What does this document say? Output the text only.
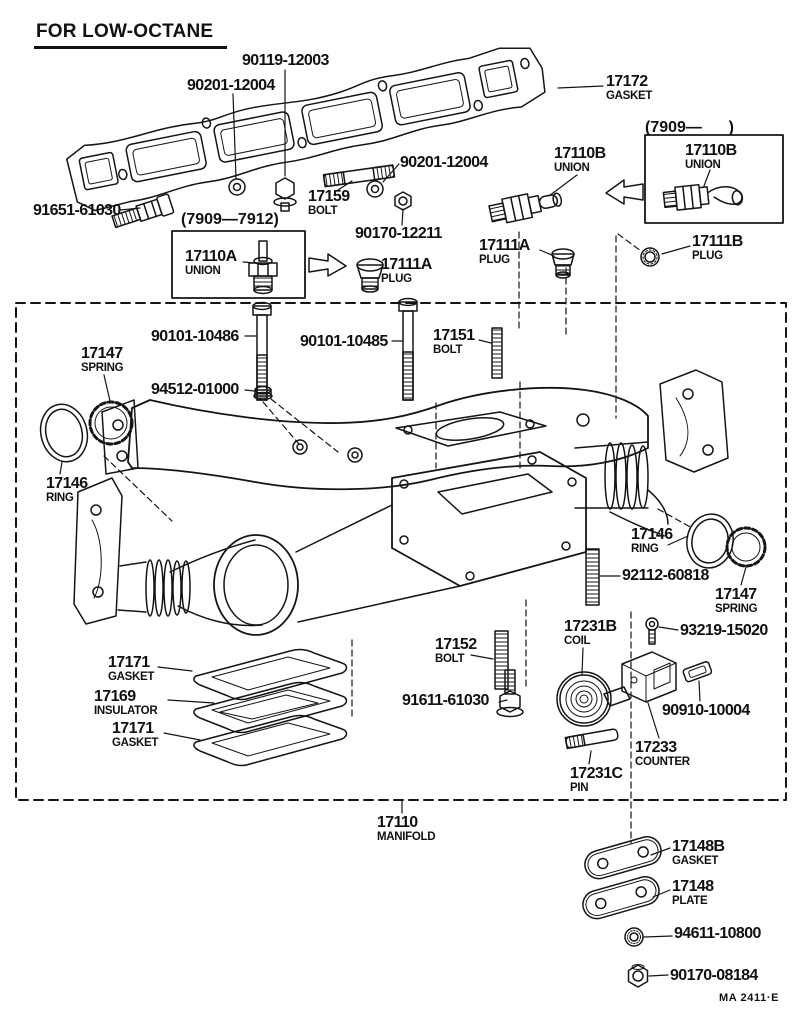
FOR LOW-OCTANE
(7909—      )
(7909—7912)
90119-12003
90201-12004	17172
GASKET
17110B
UNION
17110B
UNION
91651-61030
17110A
UNION
17159
BOLT
90201-12004
90170-12211
17111A
PLUG
17111A
PLUG
17111B
PLUG
90101-10486	90101-10485	17151
BOLT
17147
SPRING
94512-01000
17146
RING
17146
RING
92112-60818
17147
SPRING
93219-15020
17231B
COIL
17152
BOLT
91611-61030
90910-10004
17233
COUNTER
17231C
PIN
17171
GASKET
17169
INSULATOR
17171
GASKET
17110
MANIFOLD
17148B
GASKET
17148
PLATE
94611-10800
90170-08184
MA 2411·E
